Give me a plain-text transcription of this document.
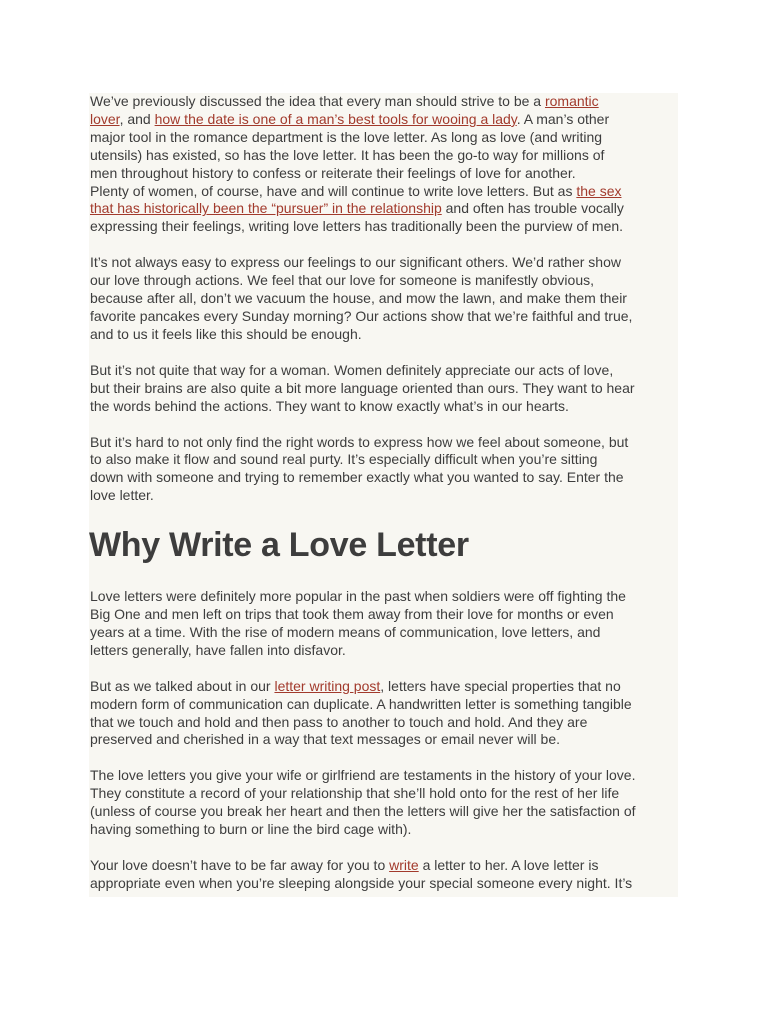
We’ve previously discussed the idea that every man should strive to be a romantic
lover, and how the date is one of a man’s best tools for wooing a lady. A man’s other
major tool in the romance department is the love letter. As long as love (and writing
utensils) has existed, so has the love letter. It has been the go-to way for millions of
men throughout history to confess or reiterate their feelings of love for another.

Plenty of women, of course, have and will continue to write love letters. But as the sex
that has historically been the “pursuer” in the relationship and often has trouble vocally
expressing their feelings, writing love letters has traditionally been the purview of men.

It’s not always easy to express our feelings to our significant others. We’d rather show
our love through actions. We feel that our love for someone is manifestly obvious,
because after all, don’t we vacuum the house, and mow the lawn, and make them their
favorite pancakes every Sunday morning? Our actions show that we’re faithful and true,
and to us it feels like this should be enough.

But it’s not quite that way for a woman. Women definitely appreciate our acts of love,
but their brains are also quite a bit more language oriented than ours. They want to hear
the words behind the actions. They want to know exactly what’s in our hearts.

But it’s hard to not only find the right words to express how we feel about someone, but
to also make it flow and sound real purty. It’s especially difficult when you’re sitting
down with someone and trying to remember exactly what you wanted to say. Enter the
love letter.

Why Write a Love Letter

Love letters were definitely more popular in the past when soldiers were off fighting the
Big One and men left on trips that took them away from their love for months or even
years at a time. With the rise of modern means of communication, love letters, and
letters generally, have fallen into disfavor.

But as we talked about in our letter writing post, letters have special properties that no
modern form of communication can duplicate. A handwritten letter is something tangible
that we touch and hold and then pass to another to touch and hold. And they are
preserved and cherished in a way that text messages or email never will be.

The love letters you give your wife or girlfriend are testaments in the history of your love.
They constitute a record of your relationship that she’ll hold onto for the rest of her life
(unless of course you break her heart and then the letters will give her the satisfaction of
having something to burn or line the bird cage with).

Your love doesn’t have to be far away for you to write a letter to her. A love letter is
appropriate even when you’re sleeping alongside your special someone every night. It’s
